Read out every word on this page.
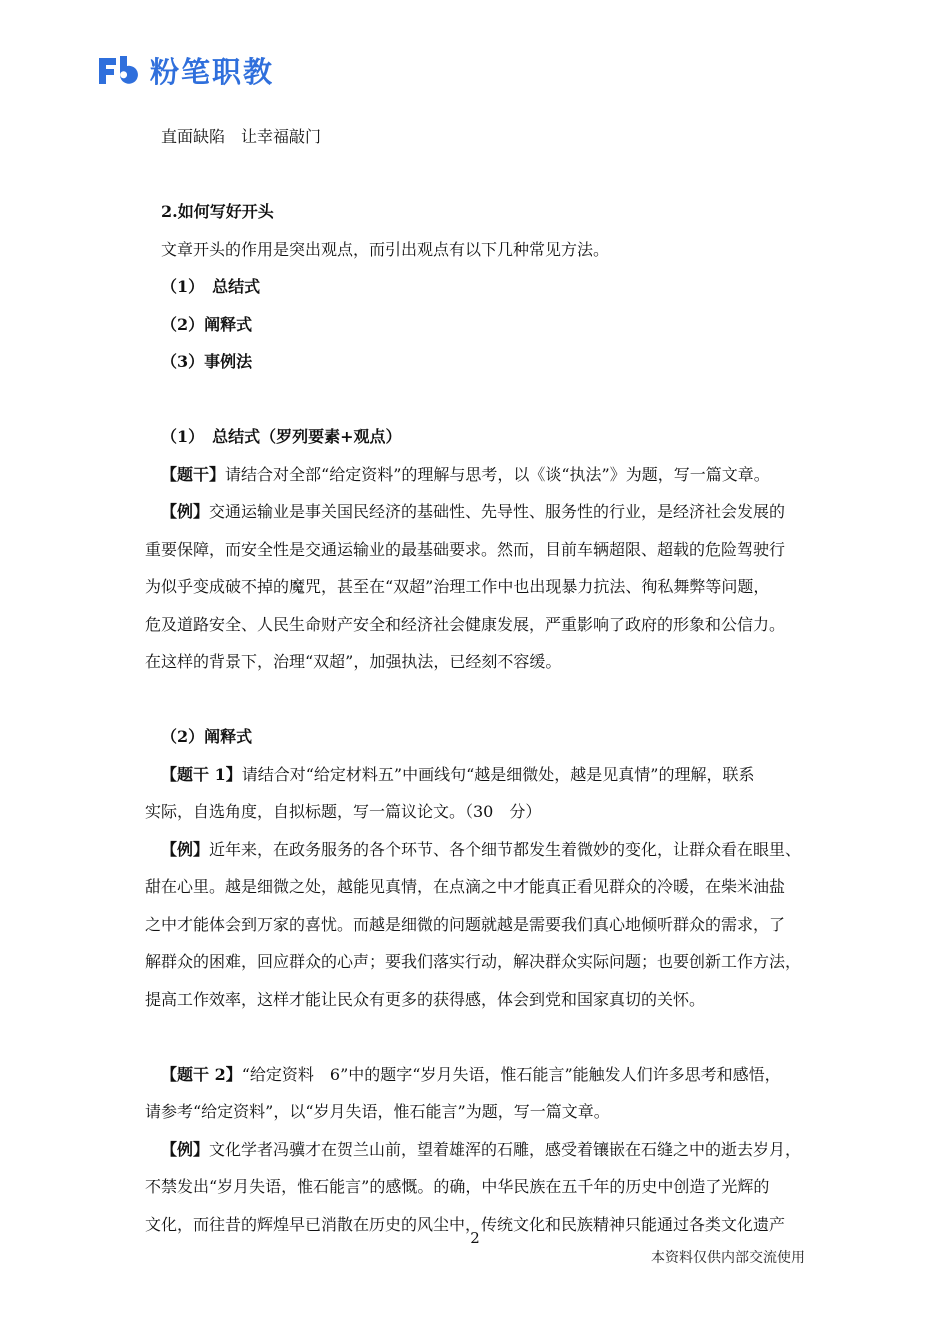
粉笔职教

直面缺陷　让幸福敲门

2.如何写好开头

文章开头的作用是突出观点，而引出观点有以下几种常见方法。

（1）　总结式

（2）阐释式

（3）事例法

（1）　总结式（罗列要素+观点）

【题干】请结合对全部“给定资料”的理解与思考，以《谈“执法”》为题，写一篇文章。

【例】交通运输业是事关国民经济的基础性、先导性、服务性的行业，是经济社会发展的

重要保障，而安全性是交通运输业的最基础要求。然而，目前车辆超限、超载的危险驾驶行

为似乎变成破不掉的魔咒，甚至在“双超”治理工作中也出现暴力抗法、徇私舞弊等问题，

危及道路安全、人民生命财产安全和经济社会健康发展，严重影响了政府的形象和公信力。

在这样的背景下，治理“双超”，加强执法，已经刻不容缓。

（2）阐释式

【题干 1】请结合对“给定材料五”中画线句“越是细微处，越是见真情”的理解，联系

实际，自选角度，自拟标题，写一篇议论文。（30　分）

【例】近年来，在政务服务的各个环节、各个细节都发生着微妙的变化，让群众看在眼里、

甜在心里。越是细微之处，越能见真情，在点滴之中才能真正看见群众的冷暖，在柴米油盐

之中才能体会到万家的喜忧。而越是细微的问题就越是需要我们真心地倾听群众的需求，了

解群众的困难，回应群众的心声；要我们落实行动，解决群众实际问题；也要创新工作方法，

提高工作效率，这样才能让民众有更多的获得感，体会到党和国家真切的关怀。

【题干 2】“给定资料　6”中的题字“岁月失语，惟石能言”能触发人们许多思考和感悟，

请参考“给定资料”，以“岁月失语，惟石能言”为题，写一篇文章。

【例】文化学者冯骥才在贺兰山前，望着雄浑的石雕，感受着镶嵌在石缝之中的逝去岁月，

不禁发出“岁月失语，惟石能言”的感慨。的确，中华民族在五千年的历史中创造了光辉的

文化，而往昔的辉煌早已消散在历史的风尘中，传统文化和民族精神只能通过各类文化遗产

2
本资料仅供内部交流使用
